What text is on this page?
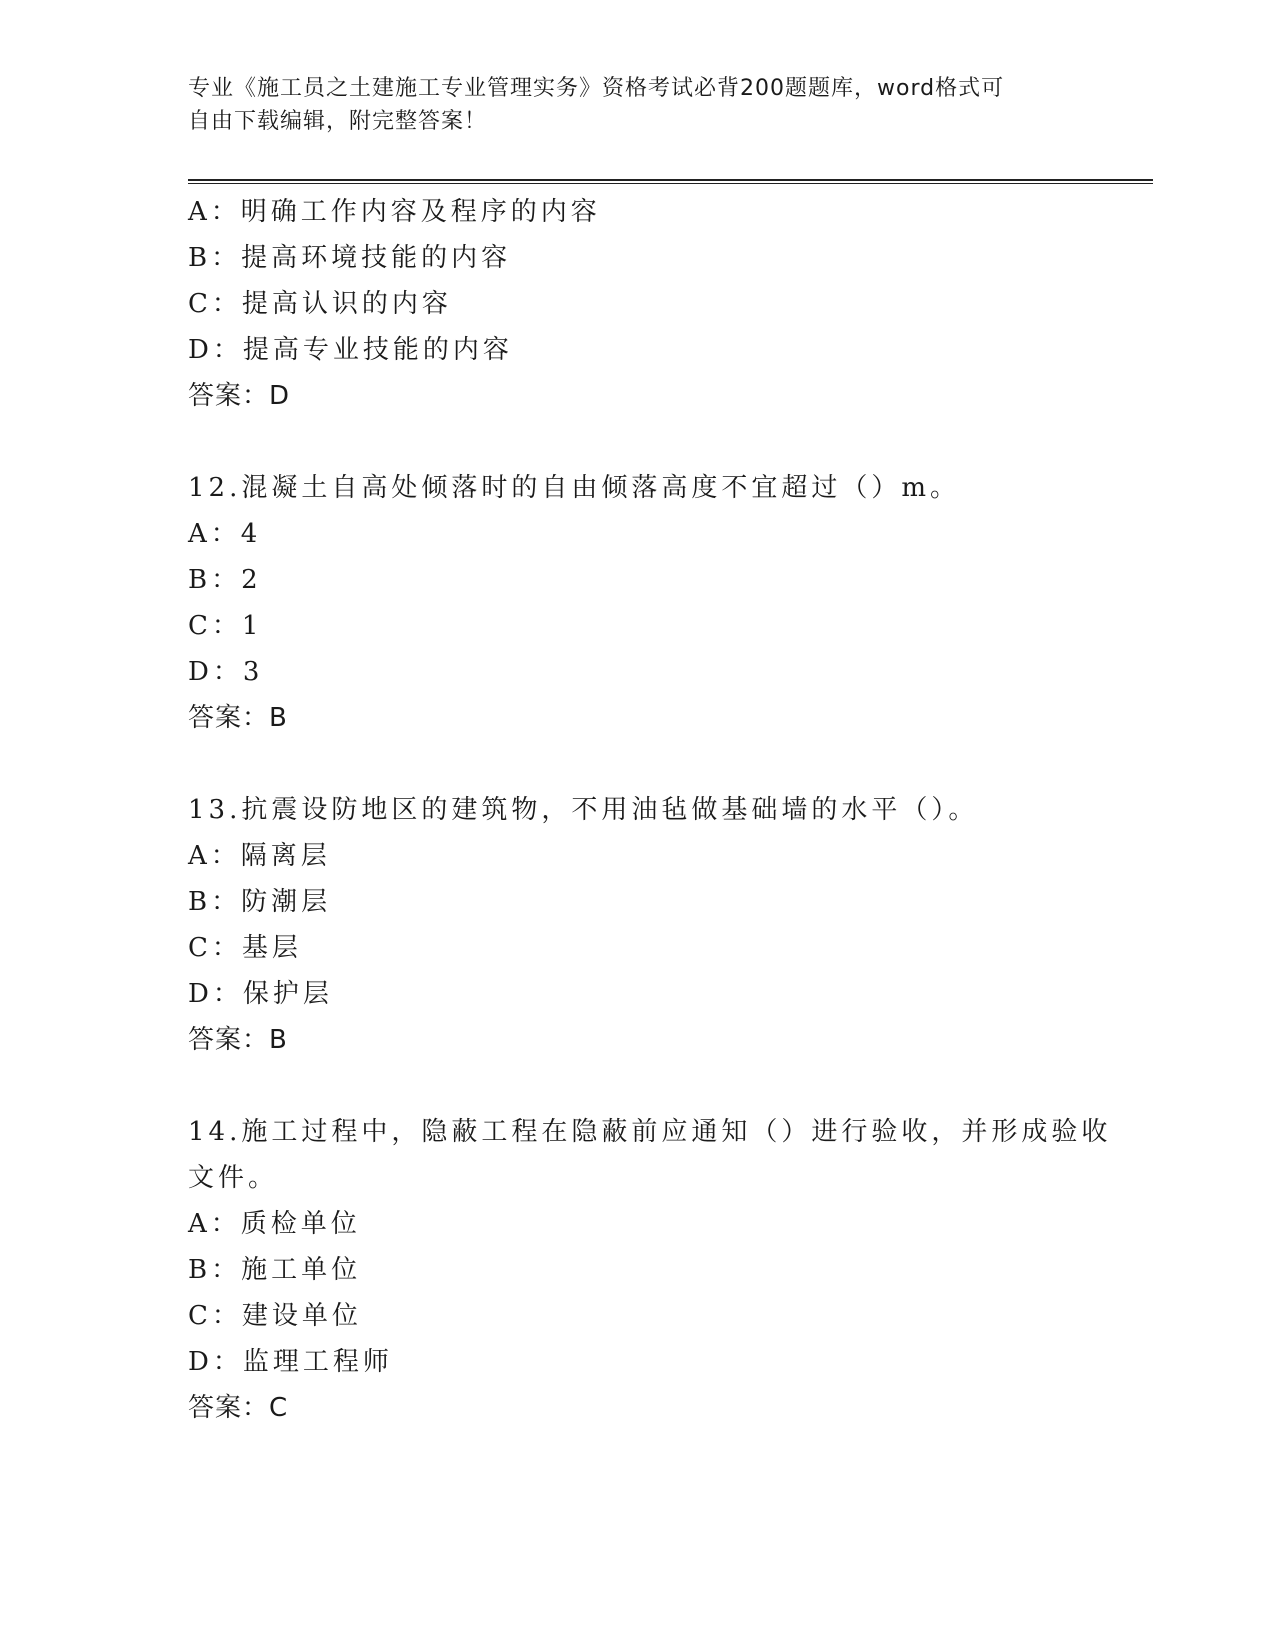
专业《施工员之土建施工专业管理实务》资格考试必背200题题库，word格式可
自由下载编辑，附完整答案！
A：明确工作内容及程序的内容
B：提高环境技能的内容
C：提高认识的内容
D：提高专业技能的内容
答案：D
12.混凝土自高处倾落时的自由倾落高度不宜超过（）m。
A：4
B：2
C：1
D：3
答案：B
13.抗震设防地区的建筑物，不用油毡做基础墙的水平（）。
A：隔离层
B：防潮层
C：基层
D：保护层
答案：B
14.施工过程中，隐蔽工程在隐蔽前应通知（）进行验收，并形成验收
文件。
A：质检单位
B：施工单位
C：建设单位
D：监理工程师
答案：C
